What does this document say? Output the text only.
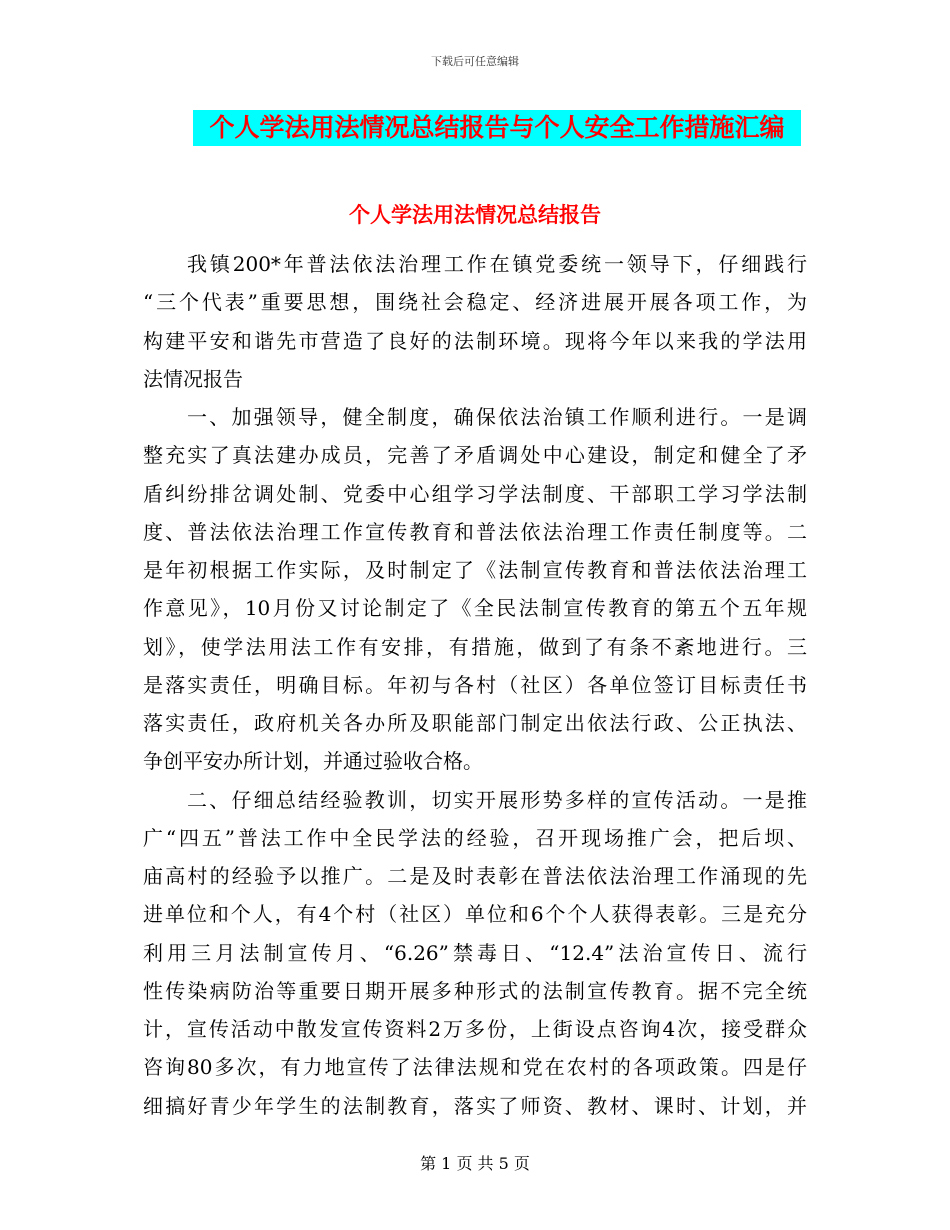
下载后可任意编辑
个人学法用法情况总结报告与个人安全工作措施汇编
个人学法用法情况总结报告
我镇200*年普法依法治理工作在镇党委统一领导下，仔细践行
“三个代表”重要思想，围绕社会稳定、经济进展开展各项工作，为
构建平安和谐先市营造了良好的法制环境。现将今年以来我的学法用
法情况报告
一、加强领导，健全制度，确保依法治镇工作顺利进行。一是调
整充实了真法建办成员，完善了矛盾调处中心建设，制定和健全了矛
盾纠纷排岔调处制、党委中心组学习学法制度、干部职工学习学法制
度、普法依法治理工作宣传教育和普法依法治理工作责任制度等。二
是年初根据工作实际，及时制定了《法制宣传教育和普法依法治理工
作意见》，10月份又讨论制定了《全民法制宣传教育的第五个五年规
划》，使学法用法工作有安排，有措施，做到了有条不紊地进行。三
是落实责任，明确目标。年初与各村（社区）各单位签订目标责任书
落实责任，政府机关各办所及职能部门制定出依法行政、公正执法、
争创平安办所计划，并通过验收合格。
二、仔细总结经验教训，切实开展形势多样的宣传活动。一是推
广“四五”普法工作中全民学法的经验，召开现场推广会，把后坝、
庙高村的经验予以推广。二是及时表彰在普法依法治理工作涌现的先
进单位和个人，有4个村（社区）单位和6个个人获得表彰。三是充分
利用三月法制宣传月、“6.26”禁毒日、“12.4”法治宣传日、流行
性传染病防治等重要日期开展多种形式的法制宣传教育。据不完全统
计，宣传活动中散发宣传资料2万多份，上街设点咨询4次，接受群众
咨询80多次，有力地宣传了法律法规和党在农村的各项政策。四是仔
细搞好青少年学生的法制教育，落实了师资、教材、课时、计划，并
第 1 页 共 5 页
